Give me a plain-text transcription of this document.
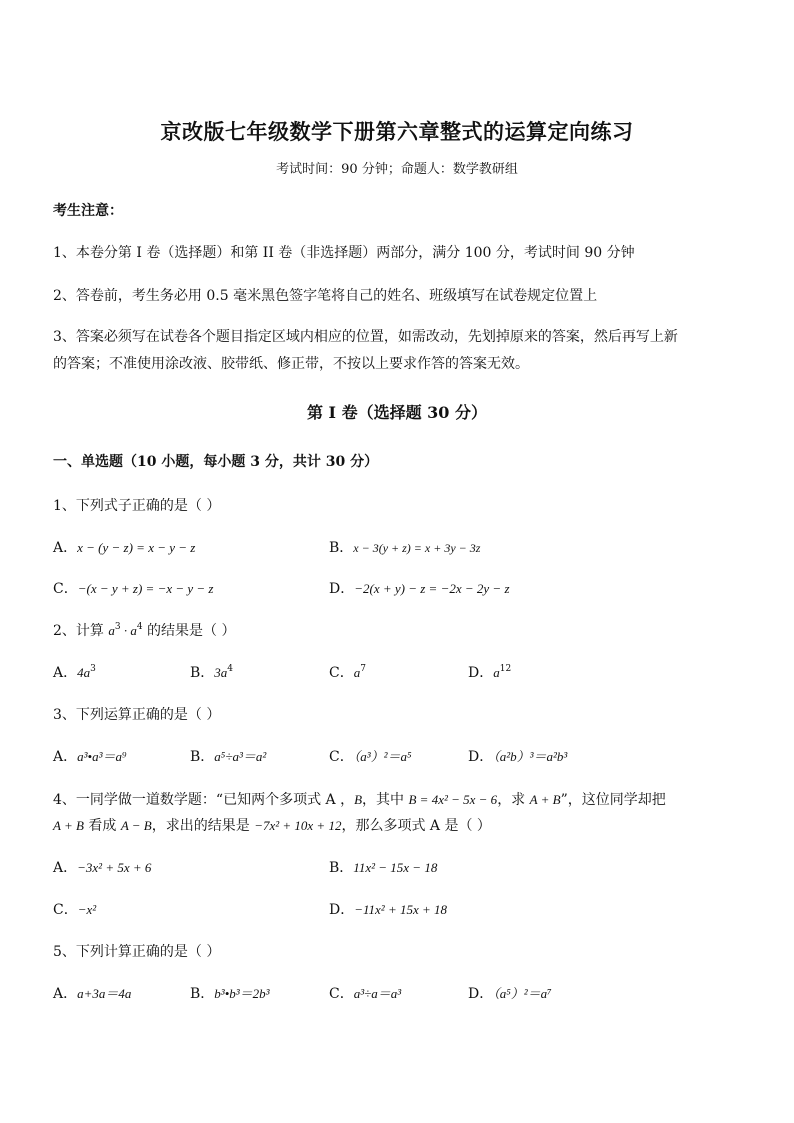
京改版七年级数学下册第六章整式的运算定向练习
考试时间：90 分钟；命题人：数学教研组
考生注意：
1、本卷分第 I 卷（选择题）和第 II 卷（非选择题）两部分，满分 100 分，考试时间 90 分钟
2、答卷前，考生务必用 0.5 毫米黑色签字笔将自己的姓名、班级填写在试卷规定位置上
3、答案必须写在试卷各个题目指定区域内相应的位置，如需改动，先划掉原来的答案，然后再写上新
的答案；不准使用涂改液、胶带纸、修正带，不按以上要求作答的答案无效。
第 I 卷（选择题 30 分）
一、单选题（10 小题，每小题 3 分，共计 30 分）
1、下列式子正确的是（ ）
A．x − (y − z) = x − y − z	B．x − 3(y + z) = x + 3y − 3z
C．−(x − y + z) = −x − y − z	D．−2(x + y) − z = −2x − 2y − z
2、计算 $a^3 \cdot a^4$ 的结果是（ ）
A．$4a^3$	B．$3a^4$	C．$a^7$	D．$a^{12}$
3、下列运算正确的是（ ）
A．a³•a³＝a⁹	B．a⁵÷a³＝a²	C．（a³）²＝a⁵	D．（a²b）³＝a²b³
4、一同学做一道数学题：“已知两个多项式 A ，B，其中 B = 4x² − 5x − 6，求 A + B”，这位同学却把
A + B 看成 A − B，求出的结果是 −7x² + 10x + 12，那么多项式 A 是（ ）
A．−3x² + 5x + 6	B．11x² − 15x − 18
C．−x²	D．−11x² + 15x + 18
5、下列计算正确的是（ ）
A．a+3a＝4a	B．b³•b³＝2b³	C．a³÷a＝a³	D．（a⁵）²＝a⁷
